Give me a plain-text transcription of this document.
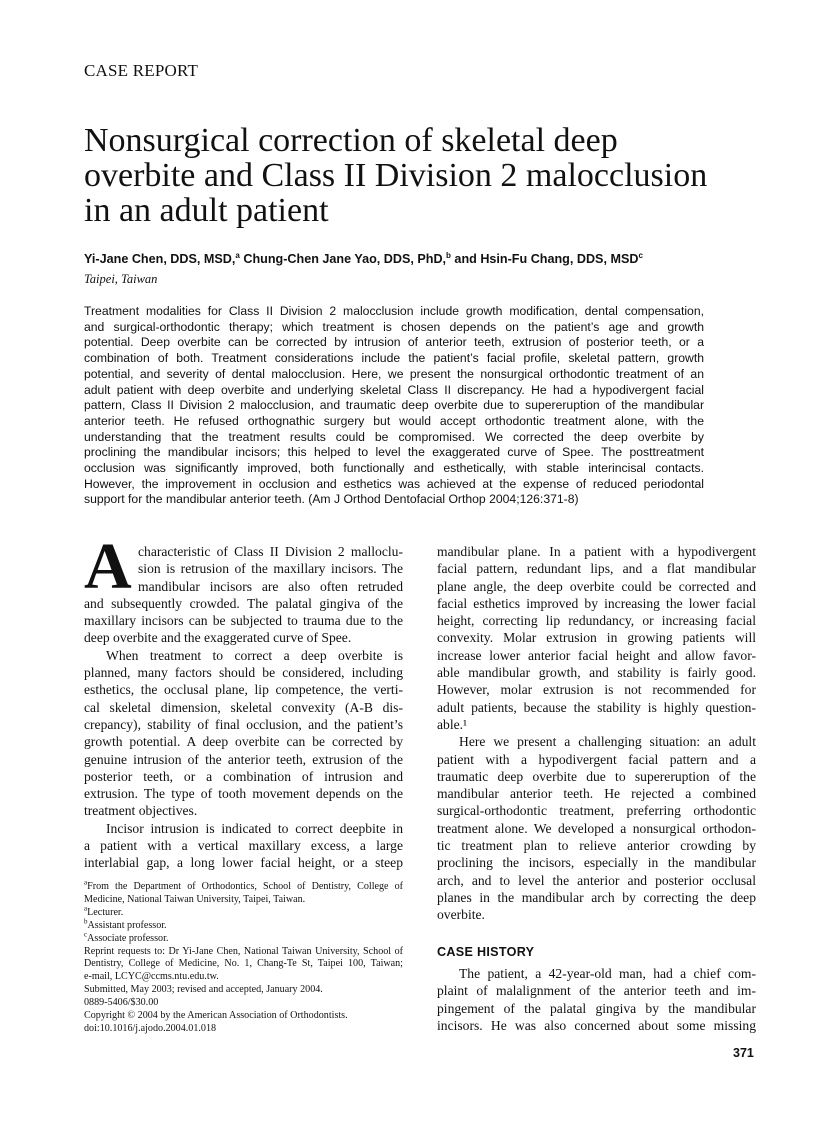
CASE REPORT
Nonsurgical correction of skeletal deep
overbite and Class II Division 2 malocclusion
in an adult patient
Yi-Jane Chen, DDS, MSD,$^a$ Chung-Chen Jane Yao, DDS, PhD,$^b$ and Hsin-Fu Chang, DDS, MSD$^c$
Taipei, Taiwan
Treatment modalities for Class II Division 2 malocclusion include growth modification, dental compensation,
and surgical-orthodontic therapy; which treatment is chosen depends on the patient’s age and growth
potential. Deep overbite can be corrected by intrusion of anterior teeth, extrusion of posterior teeth, or a
combination of both. Treatment considerations include the patient’s facial profile, skeletal pattern, growth
potential, and severity of dental malocclusion. Here, we present the nonsurgical orthodontic treatment of an
adult patient with deep overbite and underlying skeletal Class II discrepancy. He had a hypodivergent facial
pattern, Class II Division 2 malocclusion, and traumatic deep overbite due to supereruption of the mandibular
anterior teeth. He refused orthognathic surgery but would accept orthodontic treatment alone, with the
understanding that the treatment results could be compromised. We corrected the deep overbite by
proclining the mandibular incisors; this helped to level the exaggerated curve of Spee. The posttreatment
occlusion was significantly improved, both functionally and esthetically, with stable interincisal contacts.
However, the improvement in occlusion and esthetics was achieved at the expense of reduced periodontal
support for the mandibular anterior teeth. (Am J Orthod Dentofacial Orthop 2004;126:371-8)
A characteristic of Class II Division 2 malloclu-
sion is retrusion of the maxillary incisors. The
mandibular incisors are also often retruded
and subsequently crowded. The palatal gingiva of the
maxillary incisors can be subjected to trauma due to the
deep overbite and the exaggerated curve of Spee.
When treatment to correct a deep overbite is
planned, many factors should be considered, including
esthetics, the occlusal plane, lip competence, the verti-
cal skeletal dimension, skeletal convexity (A-B dis-
crepancy), stability of final occlusion, and the patient’s
growth potential. A deep overbite can be corrected by
genuine intrusion of the anterior teeth, extrusion of the
posterior teeth, or a combination of intrusion and
extrusion. The type of tooth movement depends on the
treatment objectives.
Incisor intrusion is indicated to correct deepbite in
a patient with a vertical maxillary excess, a large
interlabial gap, a long lower facial height, or a steep
mandibular plane. In a patient with a hypodivergent
facial pattern, redundant lips, and a flat mandibular
plane angle, the deep overbite could be corrected and
facial esthetics improved by increasing the lower facial
height, correcting lip redundancy, or increasing facial
convexity. Molar extrusion in growing patients will
increase lower anterior facial height and allow favor-
able mandibular growth, and stability is fairly good.
However, molar extrusion is not recommended for
adult patients, because the stability is highly question-
able.¹
Here we present a challenging situation: an adult
patient with a hypodivergent facial pattern and a
traumatic deep overbite due to supereruption of the
mandibular anterior teeth. He rejected a combined
surgical-orthodontic treatment, preferring orthodontic
treatment alone. We developed a nonsurgical orthodon-
tic treatment plan to relieve anterior crowding by
proclining the incisors, especially in the mandibular
arch, and to level the anterior and posterior occlusal
planes in the mandibular arch by correcting the deep
overbite.
$^a$From the Department of Orthodontics, School of Dentistry, College of
Medicine, National Taiwan University, Taipei, Taiwan.
$^a$Lecturer.
$^b$Assistant professor.
$^c$Associate professor.
Reprint requests to: Dr Yi-Jane Chen, National Taiwan University, School of
Dentistry, College of Medicine, No. 1, Chang-Te St, Taipei 100, Taiwan;
e-mail, LCYC@ccms.ntu.edu.tw.
Submitted, May 2003; revised and accepted, January 2004.
0889-5406/$30.00
Copyright © 2004 by the American Association of Orthodontists.
doi:10.1016/j.ajodo.2004.01.018
CASE HISTORY
The patient, a 42-year-old man, had a chief com-
plaint of malalignment of the anterior teeth and im-
pingement of the palatal gingiva by the mandibular
incisors. He was also concerned about some missing
371
